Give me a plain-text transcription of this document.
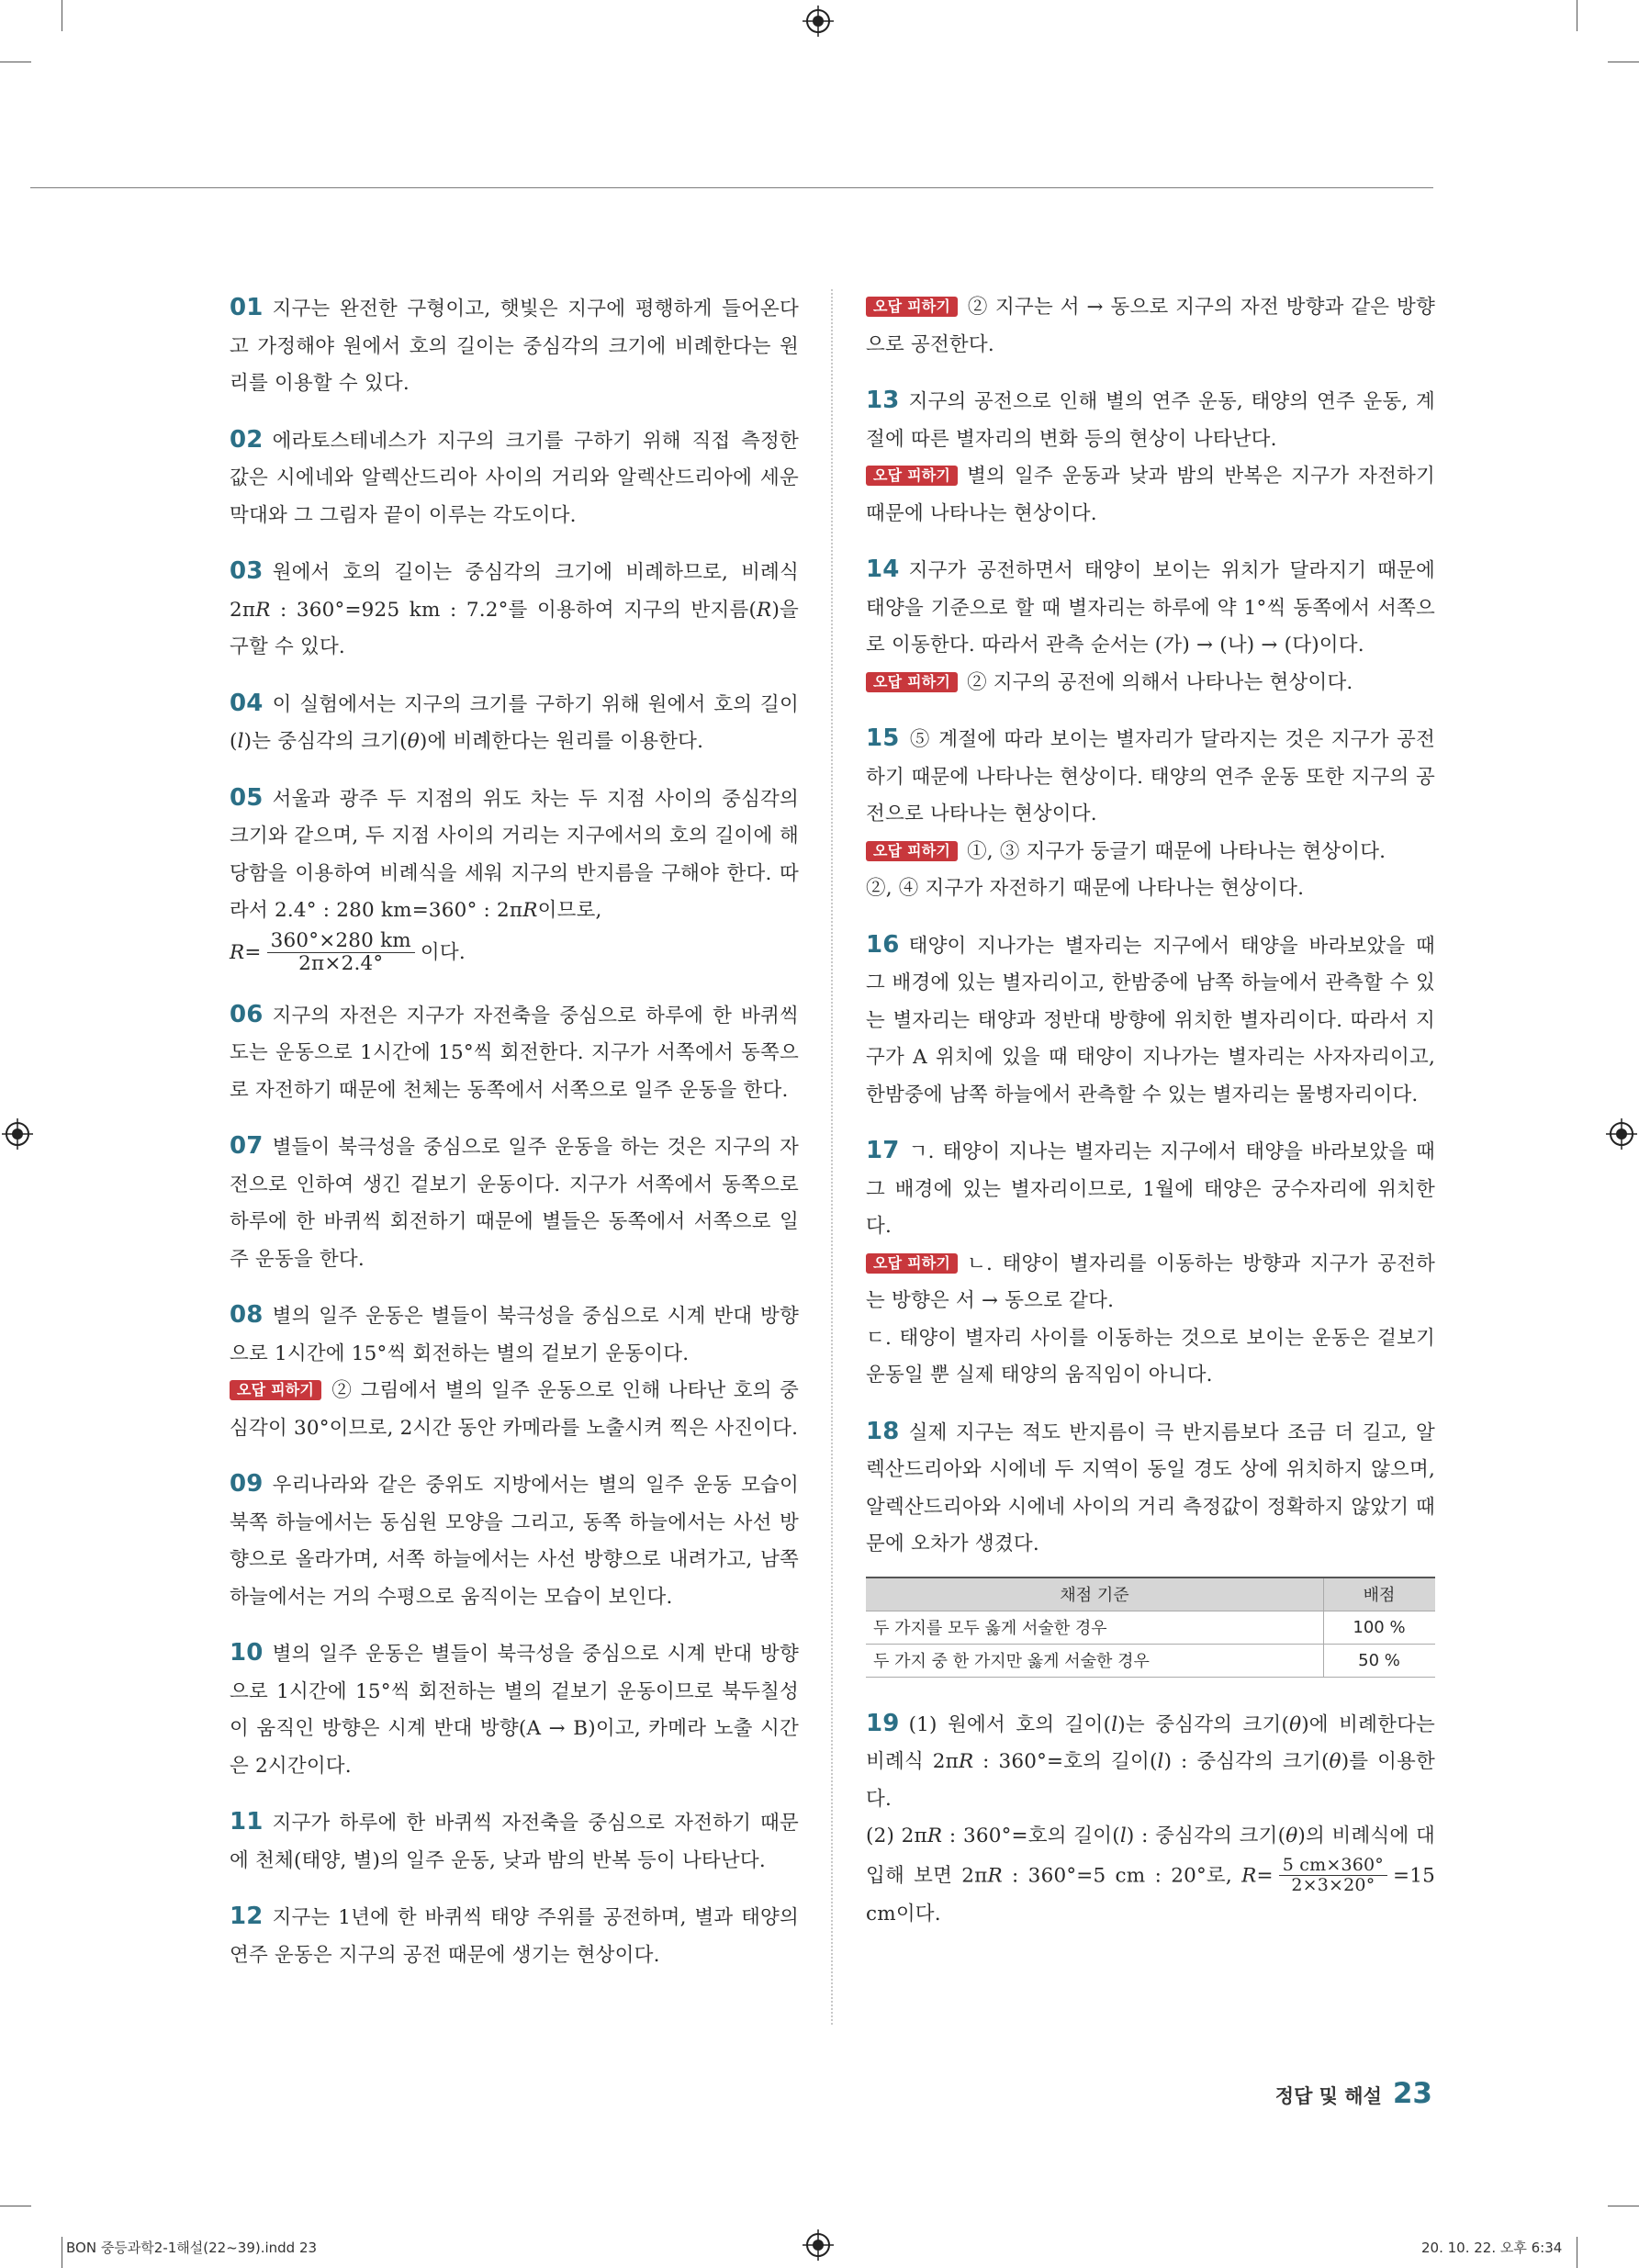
01 지구는 완전한 구형이고, 햇빛은 지구에 평행하게 들어온다고 가정해야 원에서 호의 길이는 중심각의 크기에 비례한다는 원리를 이용할 수 있다.

02 에라토스테네스가 지구의 크기를 구하기 위해 직접 측정한 값은 시에네와 알렉산드리아 사이의 거리와 알렉산드리아에 세운 막대와 그 그림자 끝이 이루는 각도이다.

03 원에서 호의 길이는 중심각의 크기에 비례하므로, 비례식 2πR : 360°=925 km : 7.2°를 이용하여 지구의 반지름(R)을 구할 수 있다.

04 이 실험에서는 지구의 크기를 구하기 위해 원에서 호의 길이(l)는 중심각의 크기(θ)에 비례한다는 원리를 이용한다.

05 서울과 광주 두 지점의 위도 차는 두 지점 사이의 중심각의 크기와 같으며, 두 지점 사이의 거리는 지구에서의 호의 길이에 해당함을 이용하여 비례식을 세워 지구의 반지름을 구해야 한다. 따라서 2.4° : 280 km=360° : 2πR이므로,

$R= \frac{360^\circ\times 280 km}{2\pi\times 2.4^\circ}$ 이다.

06 지구의 자전은 지구가 자전축을 중심으로 하루에 한 바퀴씩 도는 운동으로 1시간에 15°씩 회전한다. 지구가 서쪽에서 동쪽으로 자전하기 때문에 천체는 동쪽에서 서쪽으로 일주 운동을 한다.

07 별들이 북극성을 중심으로 일주 운동을 하는 것은 지구의 자전으로 인하여 생긴 겉보기 운동이다. 지구가 서쪽에서 동쪽으로 하루에 한 바퀴씩 회전하기 때문에 별들은 동쪽에서 서쪽으로 일주 운동을 한다.

08 별의 일주 운동은 별들이 북극성을 중심으로 시계 반대 방향으로 1시간에 15°씩 회전하는 별의 겉보기 운동이다.

오답 피하기 ② 그림에서 별의 일주 운동으로 인해 나타난 호의 중심각이 30°이므로, 2시간 동안 카메라를 노출시켜 찍은 사진이다.

09 우리나라와 같은 중위도 지방에서는 별의 일주 운동 모습이 북쪽 하늘에서는 동심원 모양을 그리고, 동쪽 하늘에서는 사선 방향으로 올라가며, 서쪽 하늘에서는 사선 방향으로 내려가고, 남쪽 하늘에서는 거의 수평으로 움직이는 모습이 보인다.

10 별의 일주 운동은 별들이 북극성을 중심으로 시계 반대 방향으로 1시간에 15°씩 회전하는 별의 겉보기 운동이므로 북두칠성이 움직인 방향은 시계 반대 방향(A → B)이고, 카메라 노출 시간은 2시간이다.

11 지구가 하루에 한 바퀴씩 자전축을 중심으로 자전하기 때문에 천체(태양, 별)의 일주 운동, 낮과 밤의 반복 등이 나타난다.

12 지구는 1년에 한 바퀴씩 태양 주위를 공전하며, 별과 태양의 연주 운동은 지구의 공전 때문에 생기는 현상이다.

오답 피하기 ② 지구는 서 → 동으로 지구의 자전 방향과 같은 방향으로 공전한다.

13 지구의 공전으로 인해 별의 연주 운동, 태양의 연주 운동, 계절에 따른 별자리의 변화 등의 현상이 나타난다.

오답 피하기 별의 일주 운동과 낮과 밤의 반복은 지구가 자전하기 때문에 나타나는 현상이다.

14 지구가 공전하면서 태양이 보이는 위치가 달라지기 때문에 태양을 기준으로 할 때 별자리는 하루에 약 1°씩 동쪽에서 서쪽으로 이동한다. 따라서 관측 순서는 (가) → (나) → (다)이다.

오답 피하기 ② 지구의 공전에 의해서 나타나는 현상이다.

15 ⑤ 계절에 따라 보이는 별자리가 달라지는 것은 지구가 공전하기 때문에 나타나는 현상이다. 태양의 연주 운동 또한 지구의 공전으로 나타나는 현상이다.

오답 피하기 ①, ③ 지구가 둥글기 때문에 나타나는 현상이다.

②, ④ 지구가 자전하기 때문에 나타나는 현상이다.

16 태양이 지나가는 별자리는 지구에서 태양을 바라보았을 때 그 배경에 있는 별자리이고, 한밤중에 남쪽 하늘에서 관측할 수 있는 별자리는 태양과 정반대 방향에 위치한 별자리이다. 따라서 지구가 A 위치에 있을 때 태양이 지나가는 별자리는 사자자리이고, 한밤중에 남쪽 하늘에서 관측할 수 있는 별자리는 물병자리이다.

17 ㄱ. 태양이 지나는 별자리는 지구에서 태양을 바라보았을 때 그 배경에 있는 별자리이므로, 1월에 태양은 궁수자리에 위치한다.

오답 피하기 ㄴ. 태양이 별자리를 이동하는 방향과 지구가 공전하는 방향은 서 → 동으로 같다.

ㄷ. 태양이 별자리 사이를 이동하는 것으로 보이는 운동은 겉보기 운동일 뿐 실제 태양의 움직임이 아니다.

18 실제 지구는 적도 반지름이 극 반지름보다 조금 더 길고, 알렉산드리아와 시에네 두 지역이 동일 경도 상에 위치하지 않으며, 알렉산드리아와 시에네 사이의 거리 측정값이 정확하지 않았기 때문에 오차가 생겼다.

채점 기준	배점
두 가지를 모두 옳게 서술한 경우	100 %
두 가지 중 한 가지만 옳게 서술한 경우	50 %

19 (1) 원에서 호의 길이(l)는 중심각의 크기(θ)에 비례한다는 비례식 2πR : 360°=호의 길이(l) : 중심각의 크기(θ)를 이용한다.

(2) 2πR : 360°=호의 길이(l) : 중심각의 크기(θ)의 비례식에 대입해 보면 2πR : 360°=5 cm : 20°로, $R= \frac{5 cm\times 360^\circ}{2\times 3\times 20^\circ} =15$ cm이다.

정답 및 해설 23
BON 중등과학2-1해설(22~39).indd 23	20. 10. 22. 오후 6:34
